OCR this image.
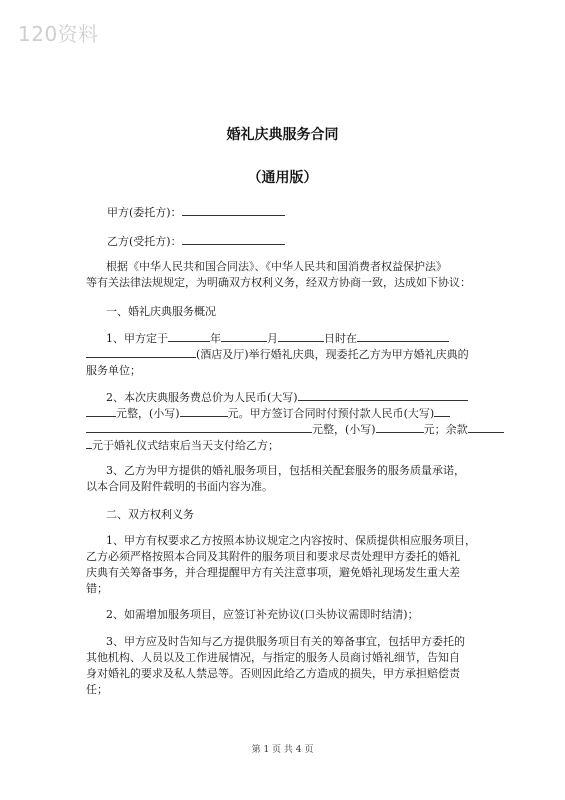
120资料
婚礼庆典服务合同
（通用版）
甲方(委托方)：
乙方(受托方)：
根据《中华人民共和国合同法》、《中华人民共和国消费者权益保护法》
等有关法律法规规定，为明确双方权利义务，经双方协商一致，达成如下协议：
一、婚礼庆典服务概况
1、甲方定于	年	月	日时在
(酒店及厅)举行婚礼庆典，现委托乙方为甲方婚礼庆典的
服务单位；
2、本次庆典服务费总价为人民币(大写)
元整，(小写)	元。甲方签订合同时付预付款人民币(大写)
元整，(小写)	元；余款
元于婚礼仪式结束后当天支付给乙方；
3、乙方为甲方提供的婚礼服务项目，包括相关配套服务的服务质量承诺，
以本合同及附件载明的书面内容为准。
二、双方权利义务
1、甲方有权要求乙方按照本协议规定之内容按时、保质提供相应服务项目，
乙方必须严格按照本合同及其附件的服务项目和要求尽责处理甲方委托的婚礼
庆典有关筹备事务，并合理提醒甲方有关注意事项，避免婚礼现场发生重大差
错；
2、如需增加服务项目，应签订补充协议(口头协议需即时结清)；
3、甲方应及时告知与乙方提供服务项目有关的筹备事宜，包括甲方委托的
其他机构、人员以及工作进展情况，与指定的服务人员商讨婚礼细节，告知自
身对婚礼的要求及私人禁忌等。否则因此给乙方造成的损失，甲方承担赔偿责
任；
第 1 页 共 4 页
